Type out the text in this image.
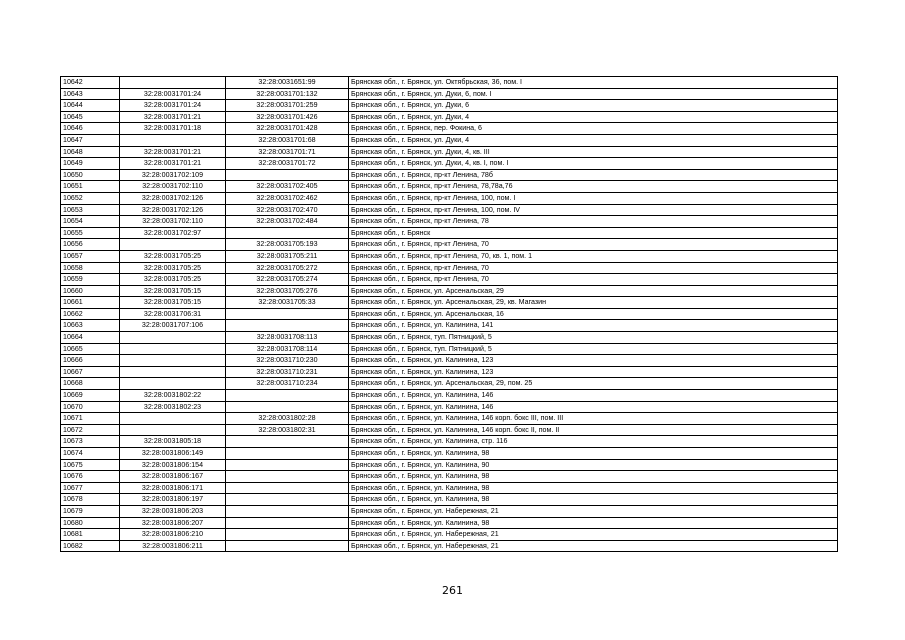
10642		32:28:0031651:99	Брянская обл., г. Брянск, ул. Октябрьская, 36, пом. I
10643	32:28:0031701:24	32:28:0031701:132	Брянская обл., г. Брянск, ул. Дуки, 6, пом. I
10644	32:28:0031701:24	32:28:0031701:259	Брянская обл., г. Брянск, ул. Дуки, 6
10645	32:28:0031701:21	32:28:0031701:426	Брянская обл., г. Брянск, ул. Дуки, 4
10646	32:28:0031701:18	32:28:0031701:428	Брянская обл., г. Брянск, пер. Фокина, 6
10647		32:28:0031701:68	Брянская обл., г. Брянск, ул. Дуки, 4
10648	32:28:0031701:21	32:28:0031701:71	Брянская обл., г. Брянск, ул. Дуки, 4, кв. III
10649	32:28:0031701:21	32:28:0031701:72	Брянская обл., г. Брянск, ул. Дуки, 4, кв. I, пом. I
10650	32:28:0031702:109		Брянская обл., г. Брянск, пр-кт Ленина, 78б
10651	32:28:0031702:110	32:28:0031702:405	Брянская обл., г. Брянск, пр-кт Ленина, 78,78а,76
10652	32:28:0031702:126	32:28:0031702:462	Брянская обл., г. Брянск, пр-кт Ленина, 100, пом. I
10653	32:28:0031702:126	32:28:0031702:470	Брянская обл., г. Брянск, пр-кт Ленина, 100, пом. IV
10654	32:28:0031702:110	32:28:0031702:484	Брянская обл., г. Брянск, пр-кт Ленина, 78
10655	32:28:0031702:97		Брянская обл., г. Брянск
10656		32:28:0031705:193	Брянская обл., г. Брянск, пр-кт Ленина, 70
10657	32:28:0031705:25	32:28:0031705:211	Брянская обл., г. Брянск, пр-кт Ленина, 70, кв. 1, пом. 1
10658	32:28:0031705:25	32:28:0031705:272	Брянская обл., г. Брянск, пр-кт Ленина, 70
10659	32:28:0031705:25	32:28:0031705:274	Брянская обл., г. Брянск, пр-кт Ленина, 70
10660	32:28:0031705:15	32:28:0031705:276	Брянская обл., г. Брянск, ул. Арсенальская, 29
10661	32:28:0031705:15	32:28:0031705:33	Брянская обл., г. Брянск, ул. Арсенальская, 29, кв. Магазин
10662	32:28:0031706:31		Брянская обл., г. Брянск, ул. Арсенальская, 16
10663	32:28:0031707:106		Брянская обл., г. Брянск, ул. Калинина, 141
10664		32:28:0031708:113	Брянская обл., г. Брянск, туп. Пятницкий, 5
10665		32:28:0031708:114	Брянская обл., г. Брянск, туп. Пятницкий, 5
10666		32:28:0031710:230	Брянская обл., г. Брянск, ул. Калинина, 123
10667		32:28:0031710:231	Брянская обл., г. Брянск, ул. Калинина, 123
10668		32:28:0031710:234	Брянская обл., г. Брянск, ул. Арсенальская, 29, пом. 25
10669	32:28:0031802:22		Брянская обл., г. Брянск, ул. Калинина, 146
10670	32:28:0031802:23		Брянская обл., г. Брянск, ул. Калинина, 146
10671		32:28:0031802:28	Брянская обл., г. Брянск, ул. Калинина, 146 корп. бокс III, пом. III
10672		32:28:0031802:31	Брянская обл., г. Брянск, ул. Калинина, 146 корп. бокс II, пом. II
10673	32:28:0031805:18		Брянская обл., г. Брянск, ул. Калинина, стр. 116
10674	32:28:0031806:149		Брянская обл., г. Брянск, ул. Калинина, 98
10675	32:28:0031806:154		Брянская обл., г. Брянск, ул. Калинина, 90
10676	32:28:0031806:167		Брянская обл., г. Брянск, ул. Калинина, 98
10677	32:28:0031806:171		Брянская обл., г. Брянск, ул. Калинина, 98
10678	32:28:0031806:197		Брянская обл., г. Брянск, ул. Калинина, 98
10679	32:28:0031806:203		Брянская обл., г. Брянск, ул. Набережная, 21
10680	32:28:0031806:207		Брянская обл., г. Брянск, ул. Калинина, 98
10681	32:28:0031806:210		Брянская обл., г. Брянск, ул. Набережная, 21
10682	32:28:0031806:211		Брянская обл., г. Брянск, ул. Набережная, 21
261
